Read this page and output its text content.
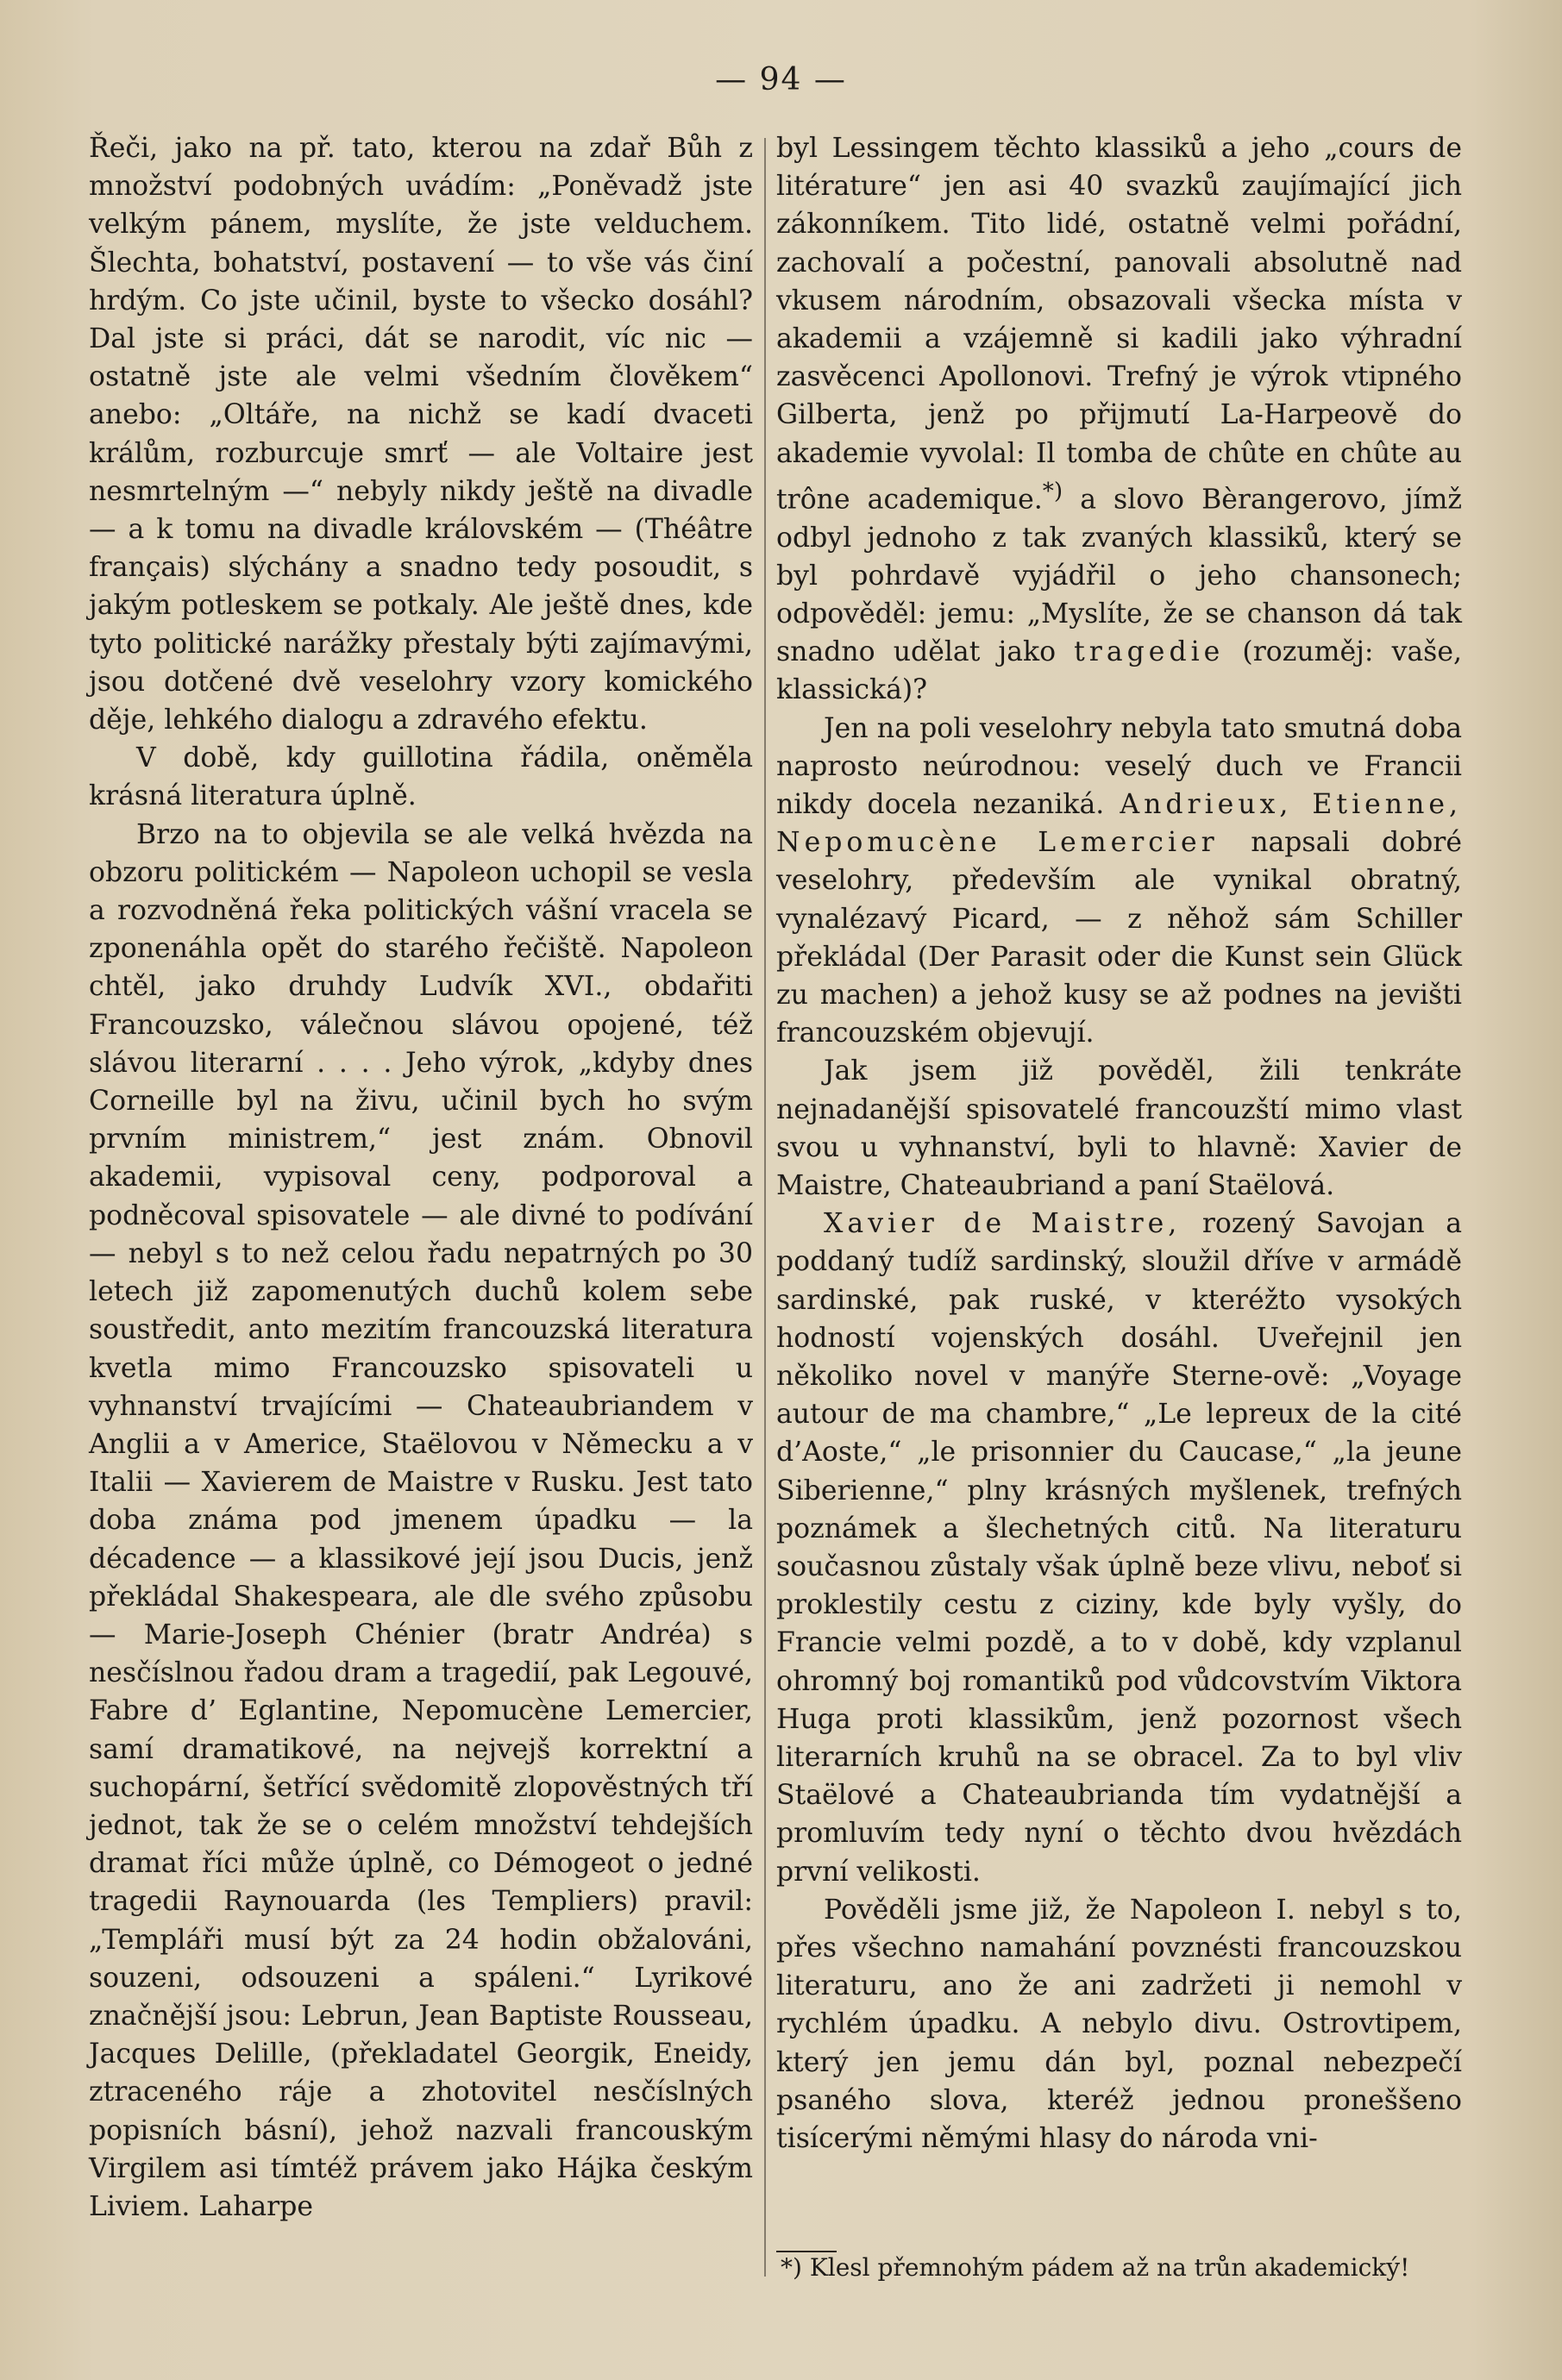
— 94 —

Řeči, jako na př. tato, kterou na zdař Bůh z množství podobných uvádím: „Poněvadž jste velkým pánem, myslíte, že jste velduchem. Šlechta, bohatství, postavení — to vše vás činí hrdým. Co jste učinil, byste to všecko dosáhl? Dal jste si práci, dát se narodit, víc nic — ostatně jste ale velmi všedním člověkem“ anebo: „Oltáře, na nichž se kadí dvaceti králům, rozburcuje smrť — ale Voltaire jest nesmrtelným —“ nebyly nikdy ještě na divadle — a k tomu na divadle královském — (Théâtre français) slýchány a snadno tedy posoudit, s jakým potleskem se potkaly. Ale ještě dnes, kde tyto politické narážky přestaly býti zajímavými, jsou dotčené dvě veselohry vzory komického děje, lehkého dialogu a zdravého efektu.

V době, kdy guillotina řádila, oněměla krásná literatura úplně.

Brzo na to objevila se ale velká hvězda na obzoru politickém — Napoleon uchopil se vesla a rozvodněná řeka politických vášní vracela se zponenáhla opět do starého řečiště. Napoleon chtěl, jako druhdy Ludvík XVI., obdařiti Francouzsko, válečnou slávou opojené, též slávou literarní . . . . Jeho výrok, „kdyby dnes Corneille byl na živu, učinil bych ho svým prvním ministrem,“ jest znám. Obnovil akademii, vypisoval ceny, podporoval a podněcoval spisovatele — ale divné to podívání — nebyl s to než celou řadu nepatrných po 30 letech již zapomenutých duchů kolem sebe soustředit, anto mezitím francouzská literatura kvetla mimo Francouzsko spisovateli u vyhnanství trvajícími — Chateaubriandem v Anglii a v Americe, Staëlovou v Německu a v Italii — Xavierem de Maistre v Rusku. Jest tato doba známa pod jmenem úpadku — la décadence — a klassikové její jsou Ducis, jenž překládal Shakespeara, ale dle svého způsobu — Marie-Joseph Chénier (bratr Andréa) s nesčíslnou řadou dram a tragedií, pak Legouvé, Fabre d’ Eglantine, Nepomucène Lemercier, samí dramatikové, na nejvejš korrektní a suchopární, šetřící svědomitě zlopověstných tří jednot, tak že se o celém množství tehdejších dramat říci může úplně, co Démogeot o jedné tragedii Raynouarda (les Templiers) pravil: „Templáři musí být za 24 hodin obžalováni, souzeni, odsouzeni a spáleni.“ Lyrikové značnější jsou: Lebrun, Jean Baptiste Rousseau, Jacques Delille, (překladatel Georgik, Eneidy, ztraceného ráje a zhotovitel nesčíslných popisních básní), jehož nazvali francouským Virgilem asi tímtéž právem jako Hájka českým Liviem. Laharpe

byl Lessingem těchto klassiků a jeho „cours de litérature“ jen asi 40 svazků zaujímající jich zákonníkem. Tito lidé, ostatně velmi pořádní, zachovalí a počestní, panovali absolutně nad vkusem národním, obsazovali všecka místa v akademii a vzájemně si kadili jako výhradní zasvěcenci Apollonovi. Trefný je výrok vtipného Gilberta, jenž po přijmutí La-Harpeově do akademie vyvolal: Il tomba de chûte en chûte au trône academique.*) a slovo Bèrangerovo, jímž odbyl jednoho z tak zvaných klassiků, který se byl pohrdavě vyjádřil o jeho chansonech; odpověděl: jemu: „Myslíte, že se chanson dá tak snadno udělat jako tragedie (rozuměj: vaše, klassická)?

Jen na poli veselohry nebyla tato smutná doba naprosto neúrodnou: veselý duch ve Francii nikdy docela nezaniká. Andrieux, Etienne, Nepomucène Lemercier napsali dobré veselohry, především ale vynikal obratný, vynalézavý Picard, — z něhož sám Schiller překládal (Der Parasit oder die Kunst sein Glück zu machen) a jehož kusy se až podnes na jevišti francouzském objevují.

Jak jsem již pověděl, žili tenkráte nejnadanější spisovatelé francouzští mimo vlast svou u vyhnanství, byli to hlavně: Xavier de Maistre, Chateaubriand a paní Staëlová.

Xavier de Maistre, rozený Savojan a poddaný tudíž sardinský, sloužil dříve v armádě sardinské, pak ruské, v kteréžto vysokých hodností vojenských dosáhl. Uveřejnil jen několiko novel v manýře Sterne-ově: „Voyage autour de ma chambre,“ „Le lepreux de la cité d’Aoste,“ „le prisonnier du Caucase,“ „la jeune Siberienne,“ plny krásných myšlenek, trefných poznámek a šlechetných citů. Na literaturu současnou zůstaly však úplně beze vlivu, neboť si proklestily cestu z ciziny, kde byly vyšly, do Francie velmi pozdě, a to v době, kdy vzplanul ohromný boj romantiků pod vůdcovstvím Viktora Huga proti klassikům, jenž pozornost všech literarních kruhů na se obracel. Za to byl vliv Staëlové a Chateaubrianda tím vydatnější a promluvím tedy nyní o těchto dvou hvězdách první velikosti.

Pověděli jsme již, že Napoleon I. nebyl s to, přes všechno namahání povznésti francouzskou literaturu, ano že ani zadržeti ji nemohl v rychlém úpadku. A nebylo divu. Ostrovtipem, který jen jemu dán byl, poznal nebezpečí psaného slova, kteréž jednou proneššeno tisícerými němými hlasy do národa vni-

*) Klesl přemnohým pádem až na trůn akademický!
